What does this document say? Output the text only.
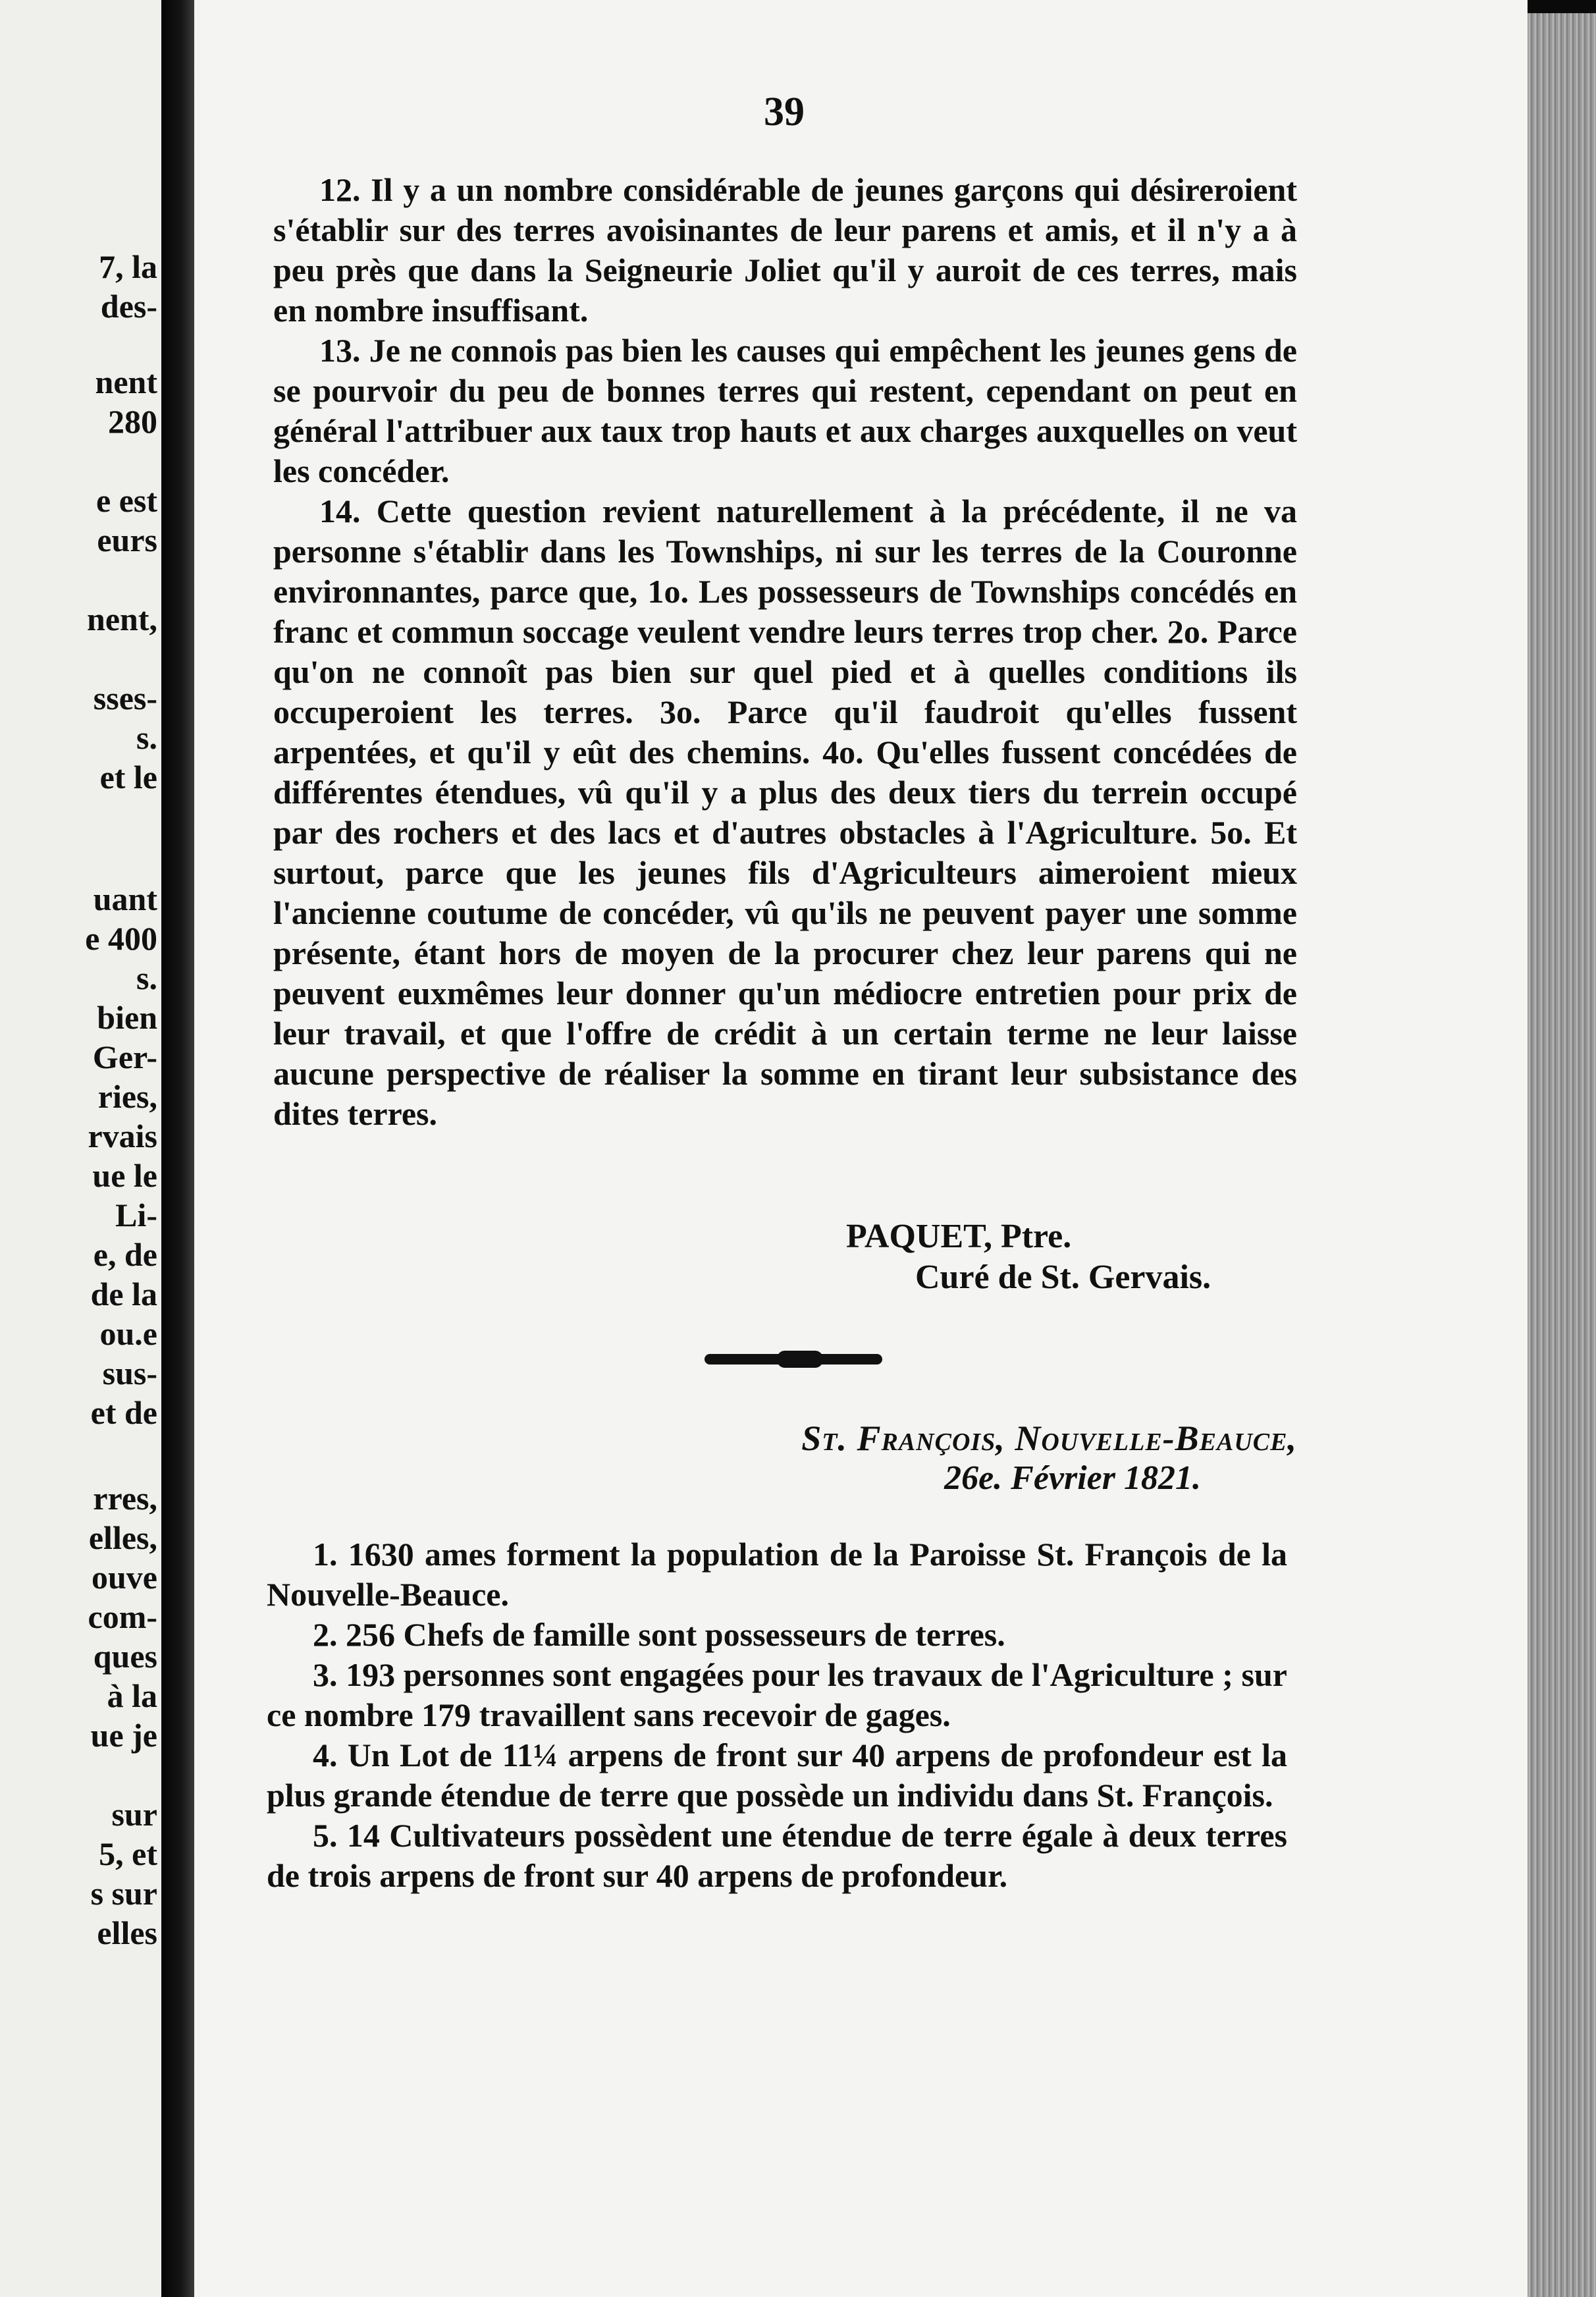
7, la
des-
nent
280
e est
eurs
nent,
sses-
s.
et le
uant
e 400
s.
bien
Ger-
ries,
rvais
ue le
Li-
e, de
de la
ou.e
sus-
et de
rres,
elles,
ouve
com-
ques
à la
ue je
sur
5, et
s sur
elles
39

12. Il y a un nombre considérable de jeunes garçons qui désireroient s'établir sur des terres avoisinantes de leur parens et amis, et il n'y a à peu près que dans la Seigneurie Joliet qu'il y auroit de ces terres, mais en nombre insuffisant.

13. Je ne connois pas bien les causes qui empêchent les jeunes gens de se pourvoir du peu de bonnes terres qui restent, cependant on peut en général l'attribuer aux taux trop hauts et aux charges auxquelles on veut les concéder.

14. Cette question revient naturellement à la précédente, il ne va personne s'établir dans les Townships, ni sur les terres de la Couronne environnantes, parce que, 1o. Les possesseurs de Townships concédés en franc et commun soccage veulent vendre leurs terres trop cher. 2o. Parce qu'on ne connoît pas bien sur quel pied et à quelles conditions ils occuperoient les terres. 3o. Parce qu'il faudroit qu'elles fussent arpentées, et qu'il y eût des chemins. 4o. Qu'elles fussent concédées de différentes étendues, vû qu'il y a plus des deux tiers du terrein occupé par des rochers et des lacs et d'autres obstacles à l'Agriculture. 5o. Et surtout, parce que les jeunes fils d'Agriculteurs aimeroient mieux l'ancienne coutume de concéder, vû qu'ils ne peuvent payer une somme présente, étant hors de moyen de la procurer chez leur parens qui ne peuvent euxmêmes leur donner qu'un médiocre entretien pour prix de leur travail, et que l'offre de crédit à un certain terme ne leur laisse aucune perspective de réaliser la somme en tirant leur subsistance des dites terres.

PAQUET, Ptre.
Curé de St. Gervais.
St. François, Nouvelle-Beauce,
26e. Février 1821.

1. 1630 ames forment la population de la Paroisse St. François de la Nouvelle-Beauce.

2. 256 Chefs de famille sont possesseurs de terres.

3. 193 personnes sont engagées pour les travaux de l'Agriculture ; sur ce nombre 179 travaillent sans recevoir de gages.

4. Un Lot de 11¼ arpens de front sur 40 arpens de profondeur est la plus grande étendue de terre que possède un individu dans St. François.

5. 14 Cultivateurs possèdent une étendue de terre égale à deux terres de trois arpens de front sur 40 arpens de profondeur.
